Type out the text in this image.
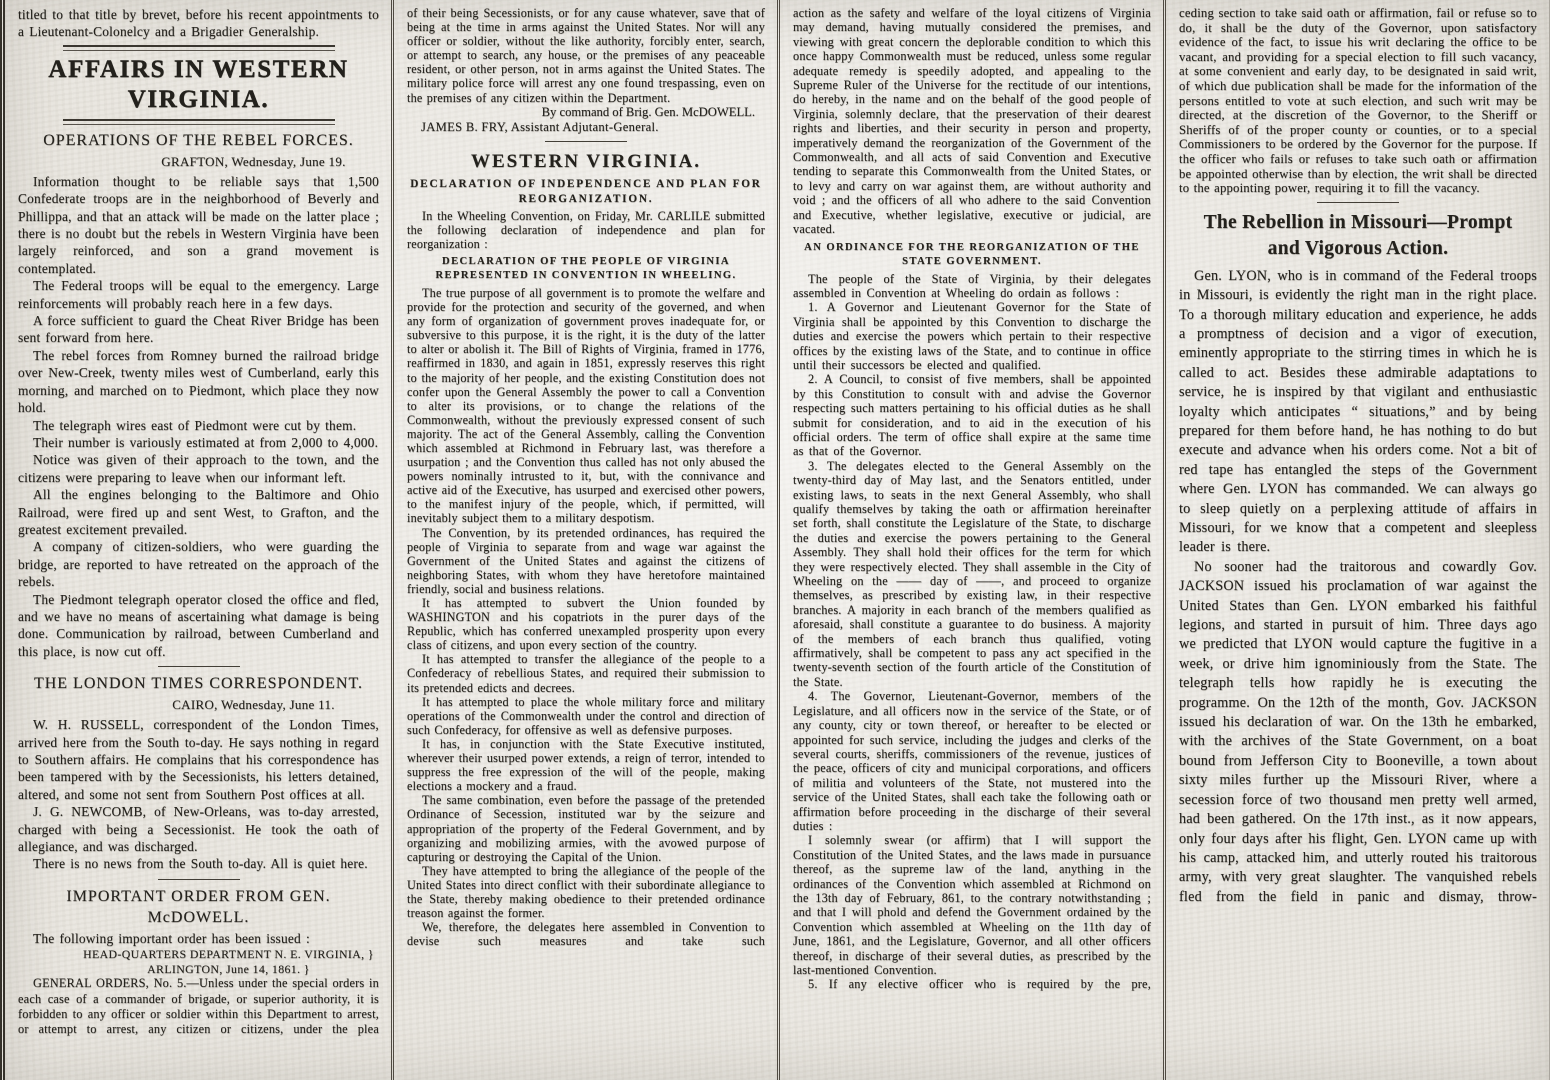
titled to that title by brevet, before his recent appointments to a Lieutenant-Colonelcy and a Brigadier Generalship.

AFFAIRS IN WESTERN VIRGINIA.

OPERATIONS OF THE REBEL FORCES.

GRAFTON, Wednesday, June 19.

Information thought to be reliable says that 1,500 Confederate troops are in the neighborhood of Beverly and Phillippa, and that an attack will be made on the latter place ; there is no doubt but the rebels in Western Virginia have been largely reinforced, and son a grand movement is contemplated.

The Federal troops will be equal to the emergency. Large reinforcements will probably reach here in a few days.

A force sufficient to guard the Cheat River Bridge has been sent forward from here.

The rebel forces from Romney burned the railroad bridge over New-Creek, twenty miles west of Cumberland, early this morning, and marched on to Piedmont, which place they now hold.

The telegraph wires east of Piedmont were cut by them.

Their number is variously estimated at from 2,000 to 4,000.

Notice was given of their approach to the town, and the citizens were preparing to leave when our informant left.

All the engines belonging to the Baltimore and Ohio Railroad, were fired up and sent West, to Grafton, and the greatest excitement prevailed.

A company of citizen-soldiers, who were guarding the bridge, are reported to have retreated on the approach of the rebels.

The Piedmont telegraph operator closed the office and fled, and we have no means of ascertaining what damage is being done. Communication by railroad, between Cumberland and this place, is now cut off.

THE LONDON TIMES CORRESPONDENT.

CAIRO, Wednesday, June 11.

W. H. RUSSELL, correspondent of the London Times, arrived here from the South to-day. He says nothing in regard to Southern affairs. He complains that his correspondence has been tampered with by the Secessionists, his letters detained, altered, and some not sent from Southern Post offices at all.

J. G. NEWCOMB, of New-Orleans, was to-day arrested, charged with being a Secessionist. He took the oath of allegiance, and was discharged.

There is no news from the South to-day. All is quiet here.

IMPORTANT ORDER FROM GEN. McDOWELL.

The following important order has been issued :

HEAD-QUARTERS DEPARTMENT N. E. VIRGINIA, }

ARLINGTON, June 14, 1861. }

GENERAL ORDERS, No. 5.—Unless under the special orders in each case of a commander of brigade, or superior authority, it is forbidden to any officer or soldier within this Department to arrest, or attempt to arrest, any citizen or citizens, under the plea

of their being Secessionists, or for any cause whatever, save that of being at the time in arms against the United States. Nor will any officer or soldier, without the like authority, forcibly enter, search, or attempt to search, any house, or the premises of any peaceable resident, or other person, not in arms against the United States. The military police force will arrest any one found trespassing, even on the premises of any citizen within the Department.

By command of Brig. Gen. McDOWELL.

JAMES B. FRY, Assistant Adjutant-General.

WESTERN VIRGINIA.

DECLARATION OF INDEPENDENCE AND PLAN FOR REORGANIZATION.

In the Wheeling Convention, on Friday, Mr. CARLILE submitted the following declaration of independence and plan for reorganization :

DECLARATION OF THE PEOPLE OF VIRGINIA REPRESENTED IN CONVENTION IN WHEELING.

The true purpose of all government is to promote the welfare and provide for the protection and security of the governed, and when any form of organization of government proves inadequate for, or subversive to this purpose, it is the right, it is the duty of the latter to alter or abolish it. The Bill of Rights of Virginia, framed in 1776, reaffirmed in 1830, and again in 1851, expressly reserves this right to the majority of her people, and the existing Constitution does not confer upon the General Assembly the power to call a Convention to alter its provisions, or to change the relations of the Commonwealth, without the previously expressed consent of such majority. The act of the General Assembly, calling the Convention which assembled at Richmond in February last, was therefore a usurpation ; and the Convention thus called has not only abused the powers nominally intrusted to it, but, with the connivance and active aid of the Executive, has usurped and exercised other powers, to the manifest injury of the people, which, if permitted, will inevitably subject them to a military despotism.

The Convention, by its pretended ordinances, has required the people of Virginia to separate from and wage war against the Government of the United States and against the citizens of neighboring States, with whom they have heretofore maintained friendly, social and business relations.

It has attempted to subvert the Union founded by WASHINGTON and his copatriots in the purer days of the Republic, which has conferred unexampled prosperity upon every class of citizens, and upon every section of the country.

It has attempted to transfer the allegiance of the people to a Confederacy of rebellious States, and required their submission to its pretended edicts and decrees.

It has attempted to place the whole military force and military operations of the Commonwealth under the control and direction of such Confederacy, for offensive as well as defensive purposes.

It has, in conjunction with the State Executive instituted, wherever their usurped power extends, a reign of terror, intended to suppress the free expression of the will of the people, making elections a mockery and a fraud.

The same combination, even before the passage of the pretended Ordinance of Secession, instituted war by the seizure and appropriation of the property of the Federal Government, and by organizing and mobilizing armies, with the avowed purpose of capturing or destroying the Capital of the Union.

They have attempted to bring the allegiance of the people of the United States into direct conflict with their subordinate allegiance to the State, thereby making obedience to their pretended ordinance treason against the former.

We, therefore, the delegates here assembled in Convention to devise such measures and take such

action as the safety and welfare of the loyal citizens of Virginia may demand, having mutually considered the premises, and viewing with great concern the deplorable condition to which this once happy Commonwealth must be reduced, unless some regular adequate remedy is speedily adopted, and appealing to the Supreme Ruler of the Universe for the rectitude of our intentions, do hereby, in the name and on the behalf of the good people of Virginia, solemnly declare, that the preservation of their dearest rights and liberties, and their security in person and property, imperatively demand the reorganization of the Government of the Commonwealth, and all acts of said Convention and Executive tending to separate this Commonwealth from the United States, or to levy and carry on war against them, are without authority and void ; and the officers of all who adhere to the said Convention and Executive, whether legislative, executive or judicial, are vacated.

AN ORDINANCE FOR THE REORGANIZATION OF THE STATE GOVERNMENT.

The people of the State of Virginia, by their delegates assembled in Convention at Wheeling do ordain as follows :

1. A Governor and Lieutenant Governor for the State of Virginia shall be appointed by this Convention to discharge the duties and exercise the powers which pertain to their respective offices by the existing laws of the State, and to continue in office until their successors be elected and qualified.

2. A Council, to consist of five members, shall be appointed by this Constitution to consult with and advise the Governor respecting such matters pertaining to his official duties as he shall submit for consideration, and to aid in the execution of his official orders. The term of office shall expire at the same time as that of the Governor.

3. The delegates elected to the General Assembly on the twenty-third day of May last, and the Senators entitled, under existing laws, to seats in the next General Assembly, who shall qualify themselves by taking the oath or affirmation hereinafter set forth, shall constitute the Legislature of the State, to discharge the duties and exercise the powers pertaining to the General Assembly. They shall hold their offices for the term for which they were respectively elected. They shall assemble in the City of Wheeling on the —— day of ——, and proceed to organize themselves, as prescribed by existing law, in their respective branches. A majority in each branch of the members qualified as aforesaid, shall constitute a guarantee to do business. A majority of the members of each branch thus qualified, voting affirmatively, shall be competent to pass any act specified in the twenty-seventh section of the fourth article of the Constitution of the State.

4. The Governor, Lieutenant-Governor, members of the Legislature, and all officers now in the service of the State, or of any county, city or town thereof, or hereafter to be elected or appointed for such service, including the judges and clerks of the several courts, sheriffs, commissioners of the revenue, justices of the peace, officers of city and municipal corporations, and officers of militia and volunteers of the State, not mustered into the service of the United States, shall each take the following oath or affirmation before proceeding in the discharge of their several duties :

I solemnly swear (or affirm) that I will support the Constitution of the United States, and the laws made in pursuance thereof, as the supreme law of the land, anything in the ordinances of the Convention which assembled at Richmond on the 13th day of February, 861, to the contrary notwithstanding ; and that I will phold and defend the Government ordained by the Convention which assembled at Wheeling on the 11th day of June, 1861, and the Legislature, Governor, and all other officers thereof, in discharge of their several duties, as prescribed by the last-mentioned Convention.

5. If any elective officer who is required by the pre,

ceding section to take said oath or affirmation, fail or refuse so to do, it shall be the duty of the Governor, upon satisfactory evidence of the fact, to issue his writ declaring the office to be vacant, and providing for a special election to fill such vacancy, at some convenient and early day, to be designated in said writ, of which due publication shall be made for the information of the persons entitled to vote at such election, and such writ may be directed, at the discretion of the Governor, to the Sheriff or Sheriffs of of the proper county or counties, or to a special Commissioners to be ordered by the Governor for the purpose. If the officer who fails or refuses to take such oath or affirmation be appointed otherwise than by election, the writ shall be directed to the appointing power, requiring it to fill the vacancy.

The Rebellion in Missouri—Prompt and Vigorous Action.

Gen. LYON, who is in command of the Federal troops in Missouri, is evidently the right man in the right place. To a thorough military education and experience, he adds a promptness of decision and a vigor of execution, eminently appropriate to the stirring times in which he is called to act. Besides these admirable adaptations to service, he is inspired by that vigilant and enthusiastic loyalty which anticipates “ situations,” and by being prepared for them before hand, he has nothing to do but execute and advance when his orders come. Not a bit of red tape has entangled the steps of the Government where Gen. LYON has commanded. We can always go to sleep quietly on a perplexing attitude of affairs in Missouri, for we know that a competent and sleepless leader is there.

No sooner had the traitorous and cowardly Gov. JACKSON issued his proclamation of war against the United States than Gen. LYON embarked his faithful legions, and started in pursuit of him. Three days ago we predicted that LYON would capture the fugitive in a week, or drive him ignominiously from the State. The telegraph tells how rapidly he is executing the programme. On the 12th of the month, Gov. JACKSON issued his declaration of war. On the 13th he embarked, with the archives of the State Government, on a boat bound from Jefferson City to Booneville, a town about sixty miles further up the Missouri River, where a secession force of two thousand men pretty well armed, had been gathered. On the 17th inst., as it now appears, only four days after his flight, Gen. LYON came up with his camp, attacked him, and utterly routed his traitorous army, with very great slaughter. The vanquished rebels fled from the field in panic and dismay, throw-
